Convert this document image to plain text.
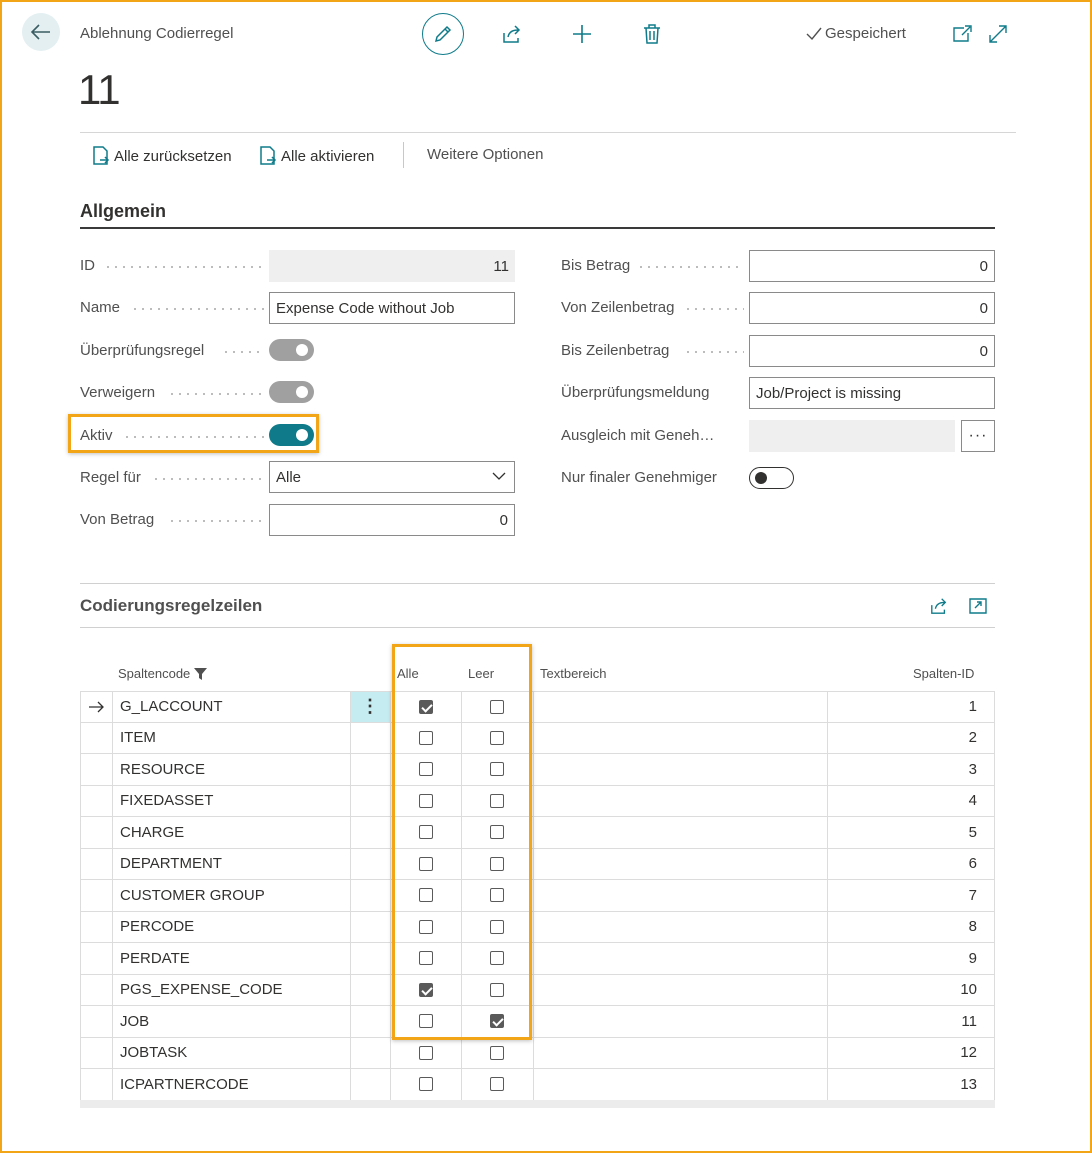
Ablehnung Codierregel	Gespeichert
11
Alle zurücksetzen	Alle aktivieren	Weitere Optionen
Allgemein
ID	11
Name	Expense Code without Job
Überprüfungsregel
Verweigern
Aktiv
Regel für	Alle
Von Betrag	0
Bis Betrag	0
Von Zeilenbetrag	0
Bis Zeilenbetrag	0
Überprüfungsmeldung	Job/Project is missing
Ausgleich mit Geneh…	···
Nur finaler Genehmiger
Codierungsregelzeilen
Spaltencode	Alle	Leer	Textbereich	Spalten-ID
⋮
G_LACCOUNT	1
ITEM	2
RESOURCE	3
FIXEDASSET	4
CHARGE	5
DEPARTMENT	6
CUSTOMER GROUP	7
PERCODE	8
PERDATE	9
PGS_EXPENSE_CODE	10
JOB	11
JOBTASK	12
ICPARTNERCODE	13
